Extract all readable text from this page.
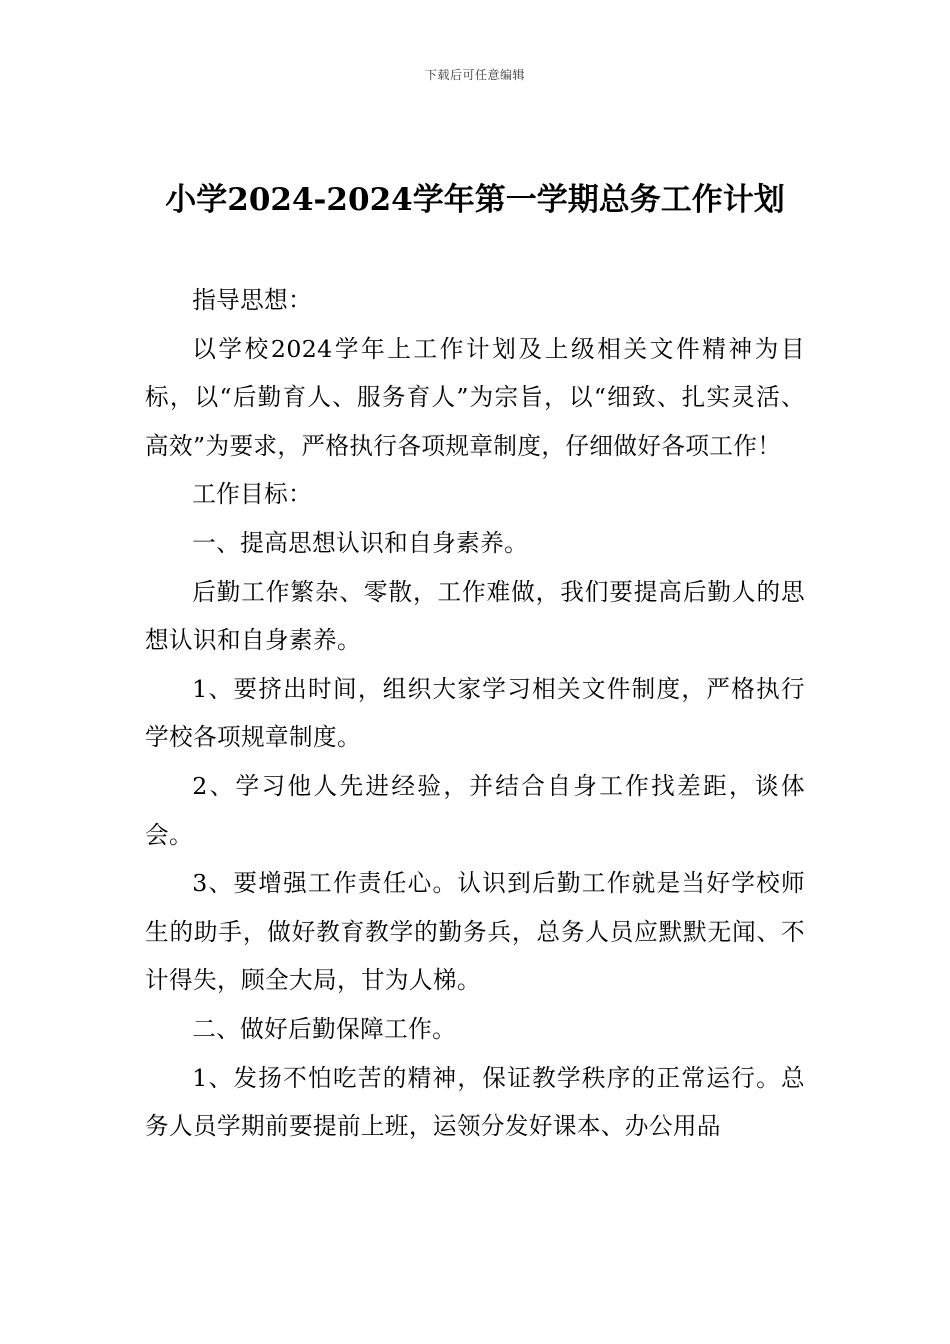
下载后可任意编辑
小学2024-2024学年第一学期总务工作计划

指导思想：

以学校2024学年上工作计划及上级相关文件精神为目标，以“后勤育人、服务育人”为宗旨，以“细致、扎实灵活、高效”为要求，严格执行各项规章制度，仔细做好各项工作！

工作目标：

一、提高思想认识和自身素养。

后勤工作繁杂、零散，工作难做，我们要提高后勤人的思想认识和自身素养。

1、要挤出时间，组织大家学习相关文件制度，严格执行学校各项规章制度。

2、学习他人先进经验，并结合自身工作找差距，谈体会。

3、要增强工作责任心。认识到后勤工作就是当好学校师生的助手，做好教育教学的勤务兵，总务人员应默默无闻、不计得失，顾全大局，甘为人梯。

二、做好后勤保障工作。

1、发扬不怕吃苦的精神，保证教学秩序的正常运行。总务人员学期前要提前上班，运领分发好课本、办公用品
